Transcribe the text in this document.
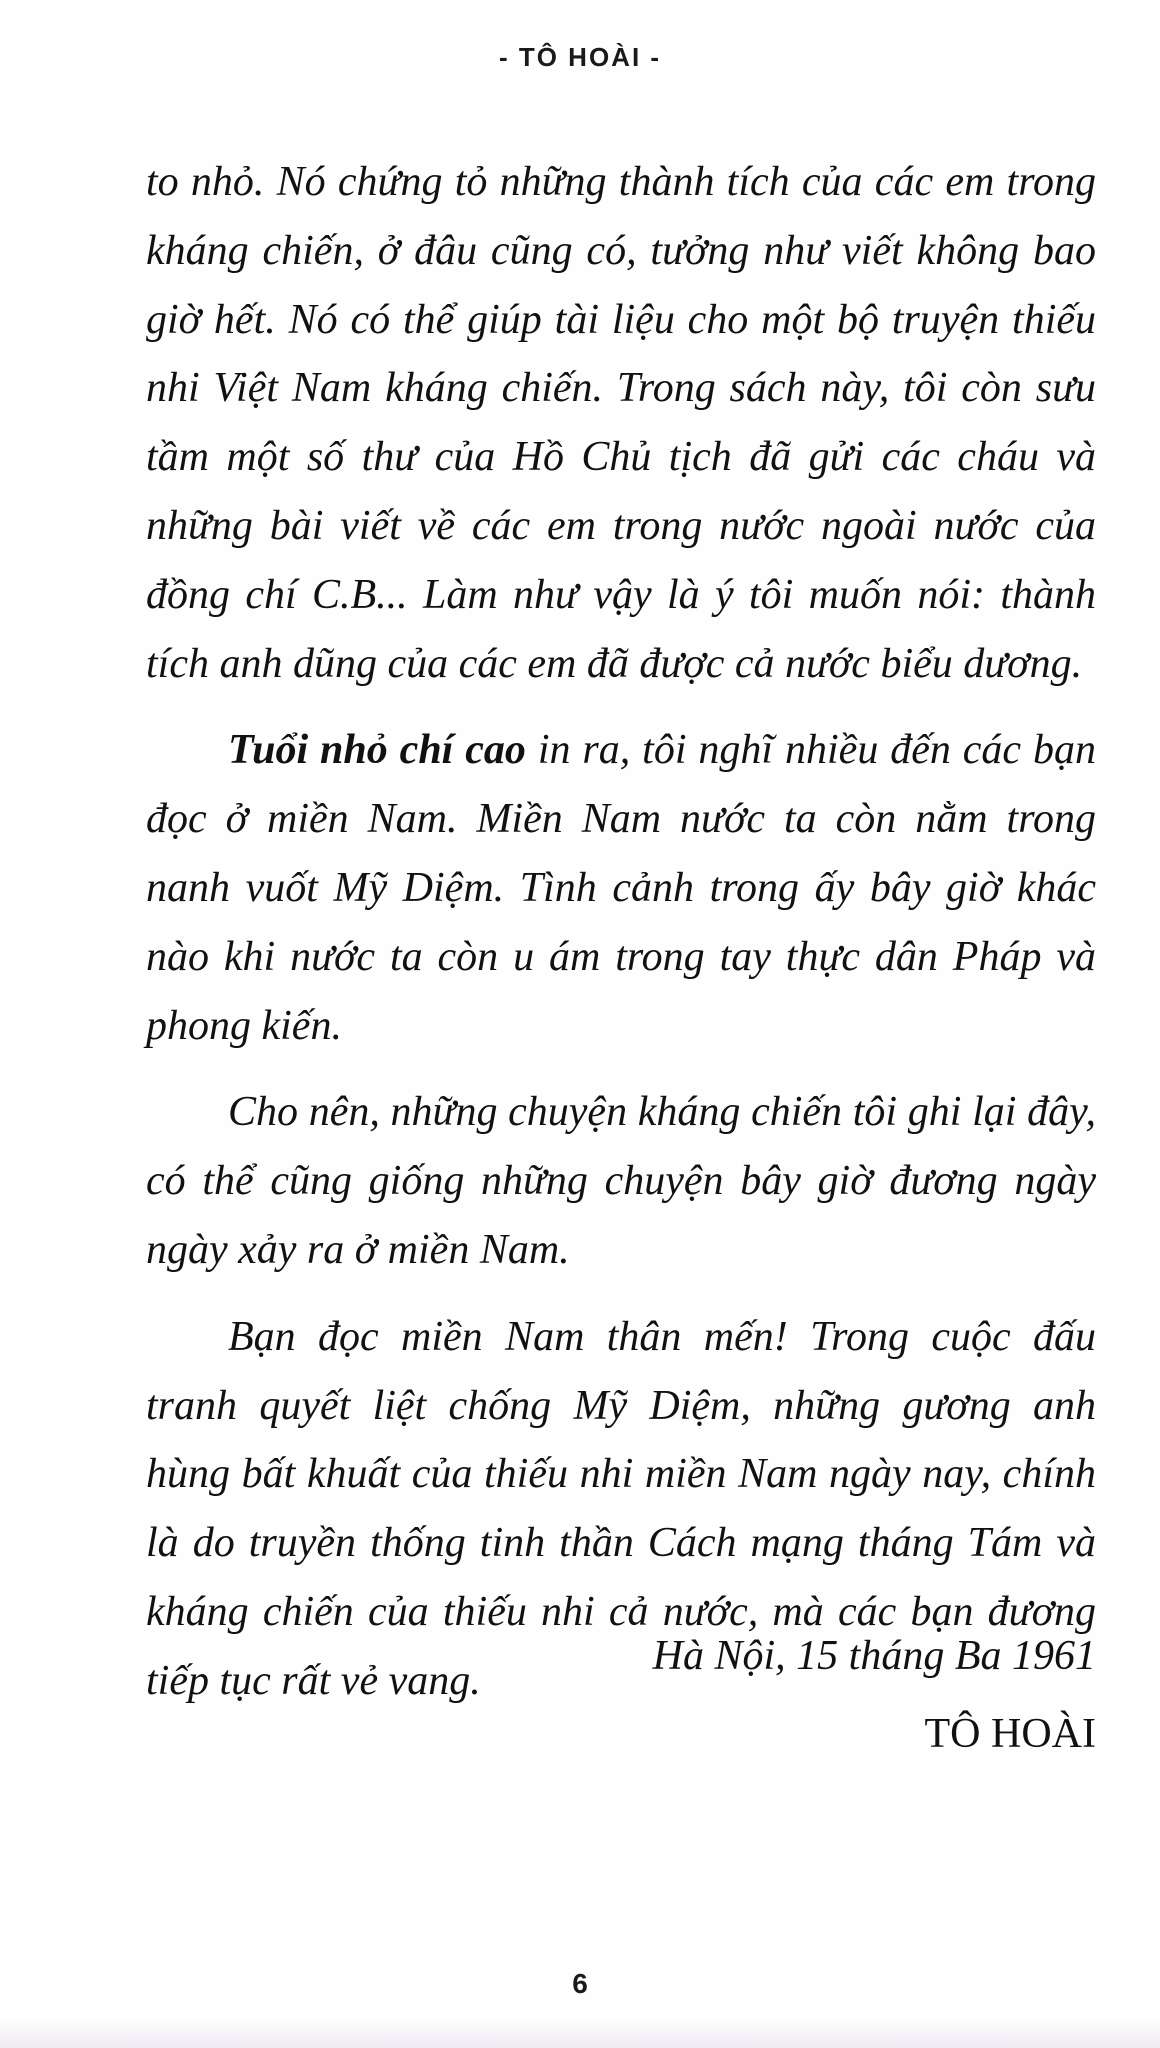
- TÔ HOÀI -

to nhỏ. Nó chứng tỏ những thành tích của các em trong kháng chiến, ở đâu cũng có, tưởng như viết không bao giờ hết. Nó có thể giúp tài liệu cho một bộ truyện thiếu nhi Việt Nam kháng chiến. Trong sách này, tôi còn sưu tầm một số thư của Hồ Chủ tịch đã gửi các cháu và những bài viết về các em trong nước ngoài nước của đồng chí C.B... Làm như vậy là ý tôi muốn nói: thành tích anh dũng của các em đã được cả nước biểu dương.

Tuổi nhỏ chí cao in ra, tôi nghĩ nhiều đến các bạn đọc ở miền Nam. Miền Nam nước ta còn nằm trong nanh vuốt Mỹ Diệm. Tình cảnh trong ấy bây giờ khác nào khi nước ta còn u ám trong tay thực dân Pháp và phong kiến.

Cho nên, những chuyện kháng chiến tôi ghi lại đây, có thể cũng giống những chuyện bây giờ đương ngày ngày xảy ra ở miền Nam.

Bạn đọc miền Nam thân mến! Trong cuộc đấu tranh quyết liệt chống Mỹ Diệm, những gương anh hùng bất khuất của thiếu nhi miền Nam ngày nay, chính là do truyền thống tinh thần Cách mạng tháng Tám và kháng chiến của thiếu nhi cả nước, mà các bạn đương tiếp tục rất vẻ vang.

Hà Nội, 15 tháng Ba 1961
TÔ HOÀI
6
